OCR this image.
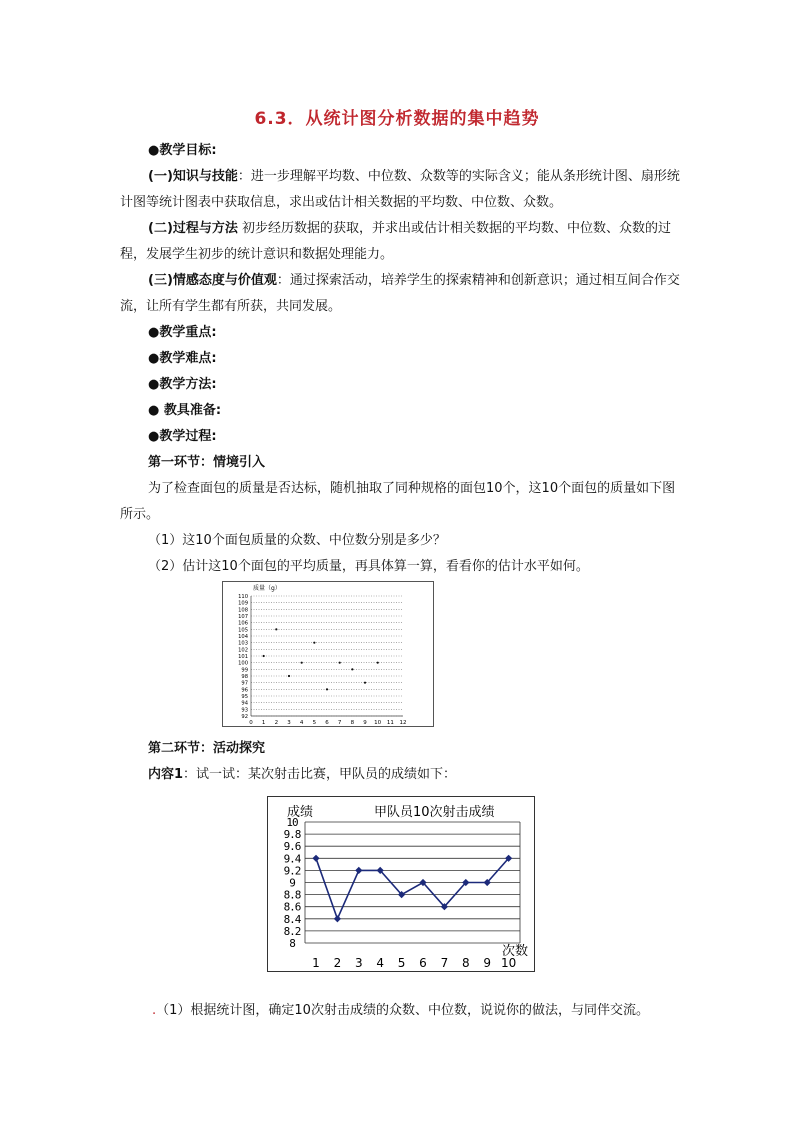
6.3．从统计图分析数据的集中趋势
●教学目标:
(一)知识与技能：进一步理解平均数、中位数、众数等的实际含义；能从条形统计图、扇形统计图等统计图表中获取信息，求出或估计相关数据的平均数、中位数、众数。
(二)过程与方法 初步经历数据的获取，并求出或估计相关数据的平均数、中位数、众数的过程，发展学生初步的统计意识和数据处理能力。
(三)情感态度与价值观：通过探索活动，培养学生的探索精神和创新意识；通过相互间合作交流，让所有学生都有所获，共同发展。
●教学重点:
●教学难点:
●教学方法:
● 教具准备:
●教学过程:
第一环节：情境引入
为了检查面包的质量是否达标，随机抽取了同种规格的面包10个，这10个面包的质量如下图所示。
（1）这10个面包质量的众数、中位数分别是多少？
（2）估计这10个面包的平均质量，再具体算一算，看看你的估计水平如何。
质量（g）
92
93
94
95
96
97
98
99
100
101
102
103
104
105
106
107
108
109
110
0 1 2 3 4 5 6 7 8 9 10 11 12
第二环节：活动探究
内容1：试一试：某次射击比赛，甲队员的成绩如下：
成绩	甲队员10次射击成绩
8
8.2
8.4
8.6
8.8
9
9.2
9.4
9.6
9.8
10
次数
1 2 3 4 5 6 7 8 9 10
.（1）根据统计图，确定10次射击成绩的众数、中位数，说说你的做法，与同伴交流。
